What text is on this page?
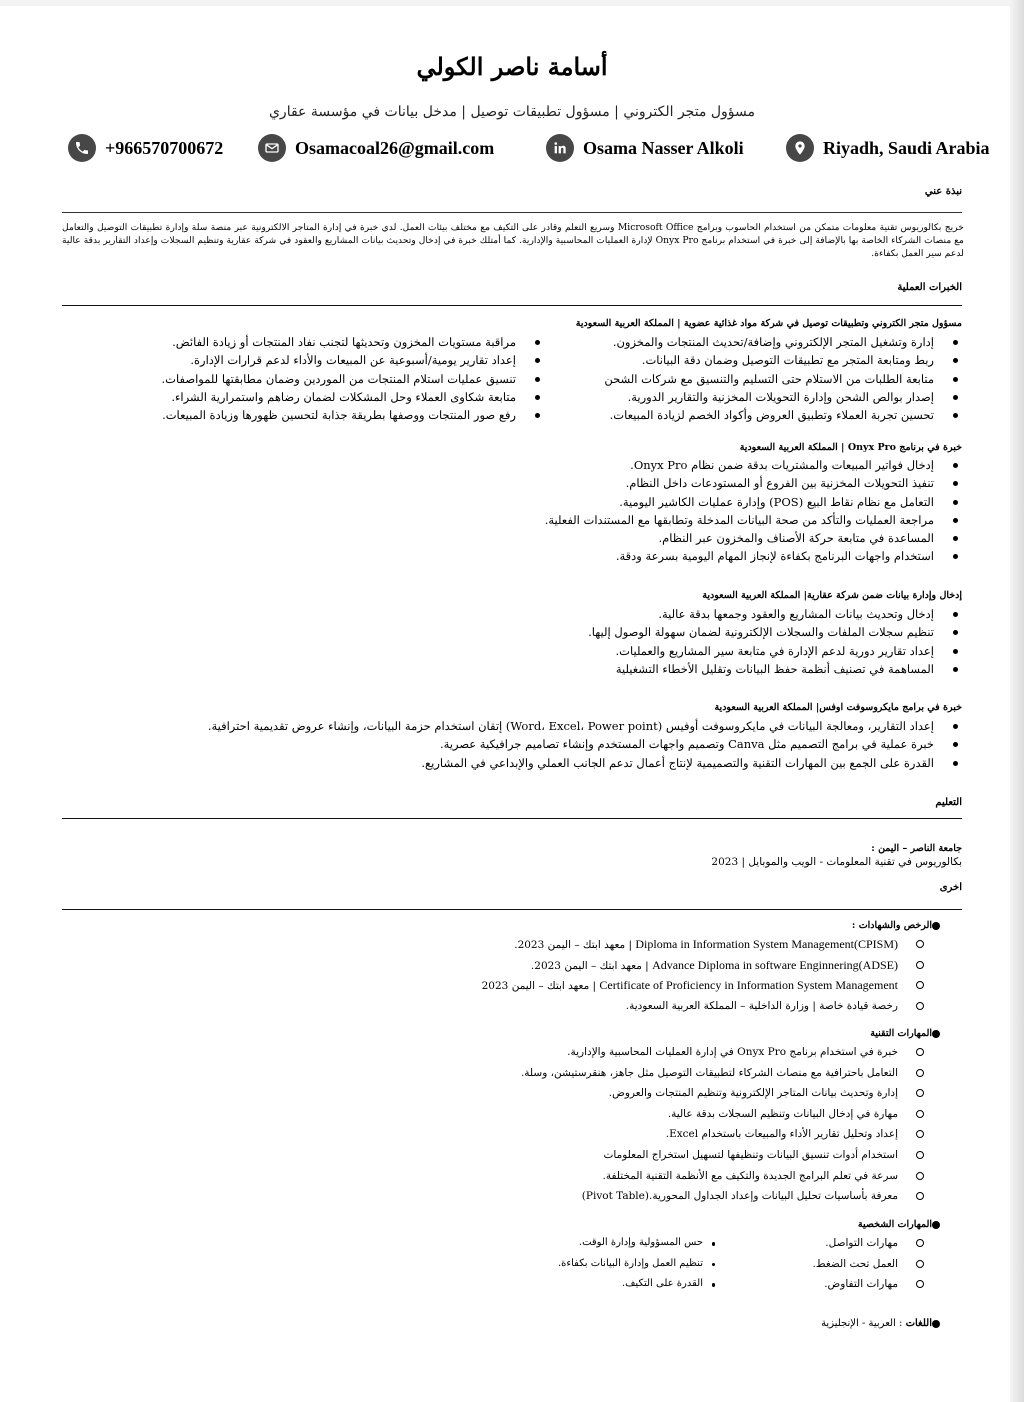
أسامة ناصر الكولي
مسؤول متجر الكتروني | مسؤول تطبيقات توصيل | مدخل بيانات في مؤسسة عقاري
+966570700672	Osamacoal26@gmail.com	Osama Nasser Alkoli	Riyadh, Saudi Arabia
نبذة عني
خريج بكالوريوس تقنية معلومات متمكن من استخدام الحاسوب وبرامج Microsoft Office وسريع التعلم وقادر على التكيف مع مختلف بيئات العمل. لدي خبرة في إدارة المتاجر الالكترونية عبر منصة سلة وإدارة تطبيقات التوصيل والتعامل مع منصات الشركاء الخاصة بها بالإضافة إلى خبرة في استخدام برنامج Onyx Pro لإدارة العمليات المحاسبية والإدارية. كما أمتلك خبرة في إدخال وتحديث بيانات المشاريع والعقود في شركة عقارية وتنظيم السجلات وإعداد التقارير بدقة عالية لدعم سير العمل بكفاءة.
الخبرات العملية
مسؤول متجر الكتروني وتطبيقات توصيل في شركة مواد غذائية عضوية | المملكة العربية السعودية
إدارة وتشغيل المتجر الإلكتروني وإضافة/تحديث المنتجات والمخزون.
ربط ومتابعة المتجر مع تطبيقات التوصيل وضمان دقة البيانات.
متابعة الطلبات من الاستلام حتى التسليم والتنسيق مع شركات الشحن
إصدار بوالص الشحن وإدارة التحويلات المخزنية والتقارير الدورية.
تحسين تجربة العملاء وتطبيق العروض وأكواد الخصم لزيادة المبيعات.
مراقبة مستويات المخزون وتحديثها لتجنب نفاد المنتجات أو زيادة الفائض.
إعداد تقارير يومية/أسبوعية عن المبيعات والأداء لدعم قرارات الإدارة.
تنسيق عمليات استلام المنتجات من الموردين وضمان مطابقتها للمواصفات.
متابعة شكاوى العملاء وحل المشكلات لضمان رضاهم واستمرارية الشراء.
رفع صور المنتجات ووصفها بطريقة جذابة لتحسين ظهورها وزيادة المبيعات.
خبرة في برنامج Onyx Pro | المملكة العربية السعودية
إدخال فواتير المبيعات والمشتريات بدقة ضمن نظام Onyx Pro.
تنفيذ التحويلات المخزنية بين الفروع أو المستودعات داخل النظام.
التعامل مع نظام نقاط البيع (POS) وإدارة عمليات الكاشير اليومية.
مراجعة العمليات والتأكد من صحة البيانات المدخلة وتطابقها مع المستندات الفعلية.
المساعدة في متابعة حركة الأصناف والمخزون عبر النظام.
استخدام واجهات البرنامج بكفاءة لإنجاز المهام اليومية بسرعة ودقة.
إدخال وإدارة بيانات ضمن شركة عقارية| المملكة العربية السعودية
إدخال وتحديث بيانات المشاريع والعقود وجمعها بدقة عالية.
تنظيم سجلات الملفات والسجلات الإلكترونية لضمان سهولة الوصول إليها.
إعداد تقارير دورية لدعم الإدارة في متابعة سير المشاريع والعمليات.
المساهمة في تصنيف أنظمة حفظ البيانات وتقليل الأخطاء التشغيلية
خبرة في برامج مايكروسوفت اوفس| المملكة العربية السعودية
إعداد التقارير، ومعالجة البيانات في مايكروسوفت أوفيس (Word، Excel، Power point) إتقان استخدام حزمة البيانات، وإنشاء عروض تقديمية احترافية.
خبرة عملية في برامج التصميم مثل Canva وتصميم واجهات المستخدم وإنشاء تصاميم جرافيكية عصرية.
القدرة على الجمع بين المهارات التقنية والتصميمية لإنتاج أعمال تدعم الجانب العملي والإبداعي في المشاريع.
التعليم
جامعة الناصر – اليمن :
بكالوريوس في تقنية المعلومات - الويب والموبايل | 2023
اخرى
الرخص والشهادات :
Diploma in Information System Management(CPISM) | معهد ابتك – اليمن 2023.
Advance Diploma in software Enginnering(ADSE) | معهد ابتك – اليمن 2023.
Certificate of Proficiency in Information System Management | معهد ابتك – اليمن 2023
رخصة قيادة خاصة | وزارة الداخلية – المملكة العربية السعودية.
المهارات التقنية
خبرة في استخدام برنامج Onyx Pro في إدارة العمليات المحاسبية والإدارية.
التعامل باحترافية مع منصات الشركاء لتطبيقات التوصيل مثل جاهز، هنقرستيشن، وسلة.
إدارة وتحديث بيانات المتاجر الإلكترونية وتنظيم المنتجات والعروض.
مهارة في إدخال البيانات وتنظيم السجلات بدقة عالية.
إعداد وتحليل تقارير الأداء والمبيعات باستخدام Excel.
استخدام أدوات تنسيق البيانات وتنظيفها لتسهيل استخراج المعلومات
سرعة في تعلم البرامج الجديدة والتكيف مع الأنظمة التقنية المختلفة.
معرفة بأساسيات تحليل البيانات وإعداد الجداول المحورية.(Pivot Table)
المهارات الشخصية
مهارات التواصل.
العمل تحت الضغط.
مهارات التفاوض.
حس المسؤولية وإدارة الوقت.
تنظيم العمل وإدارة البيانات بكفاءة.
القدرة على التكيف.
اللغات : العربية - الإنجليزية
